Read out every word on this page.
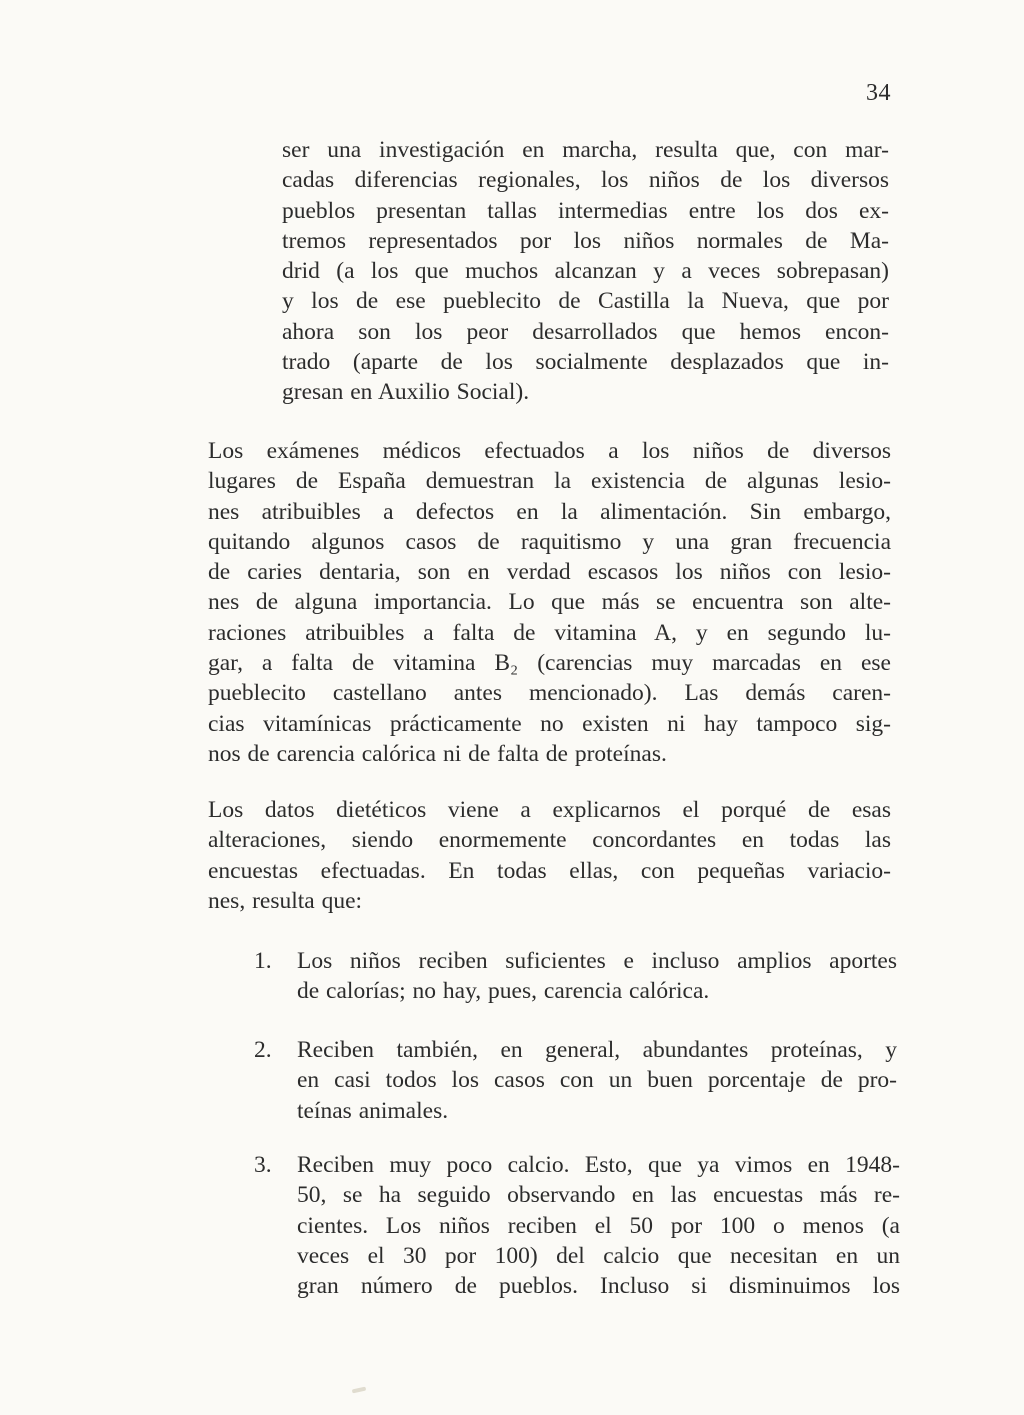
34
ser una investigación en marcha, resulta que, con mar-
cadas diferencias regionales, los niños de los diversos
pueblos presentan tallas intermedias entre los dos ex-
tremos representados por los niños normales de Ma-
drid (a los que muchos alcanzan y a veces sobrepasan)
y los de ese pueblecito de Castilla la Nueva, que por
ahora son los peor desarrollados que hemos encon-
trado (aparte de los socialmente desplazados que in-
gresan en Auxilio Social).
Los exámenes médicos efectuados a los niños de diversos
lugares de España demuestran la existencia de algunas lesio-
nes atribuibles a defectos en la alimentación. Sin embargo,
quitando algunos casos de raquitismo y una gran frecuencia
de caries dentaria, son en verdad escasos los niños con lesio-
nes de alguna importancia. Lo que más se encuentra son alte-
raciones atribuibles a falta de vitamina A, y en segundo lu-
gar, a falta de vitamina B₂ (carencias muy marcadas en ese
pueblecito castellano antes mencionado). Las demás caren-
cias vitamínicas prácticamente no existen ni hay tampoco sig-
nos de carencia calórica ni de falta de proteínas.
Los datos dietéticos viene a explicarnos el porqué de esas
alteraciones, siendo enormemente concordantes en todas las
encuestas efectuadas. En todas ellas, con pequeñas variacio-
nes, resulta que:
1. Los niños reciben suficientes e incluso amplios aportes
de calorías; no hay, pues, carencia calórica.
2. Reciben también, en general, abundantes proteínas, y
en casi todos los casos con un buen porcentaje de pro-
teínas animales.
3. Reciben muy poco calcio. Esto, que ya vimos en 1948-
50, se ha seguido observando en las encuestas más re-
cientes. Los niños reciben el 50 por 100 o menos (a
veces el 30 por 100) del calcio que necesitan en un
gran número de pueblos. Incluso si disminuimos los
